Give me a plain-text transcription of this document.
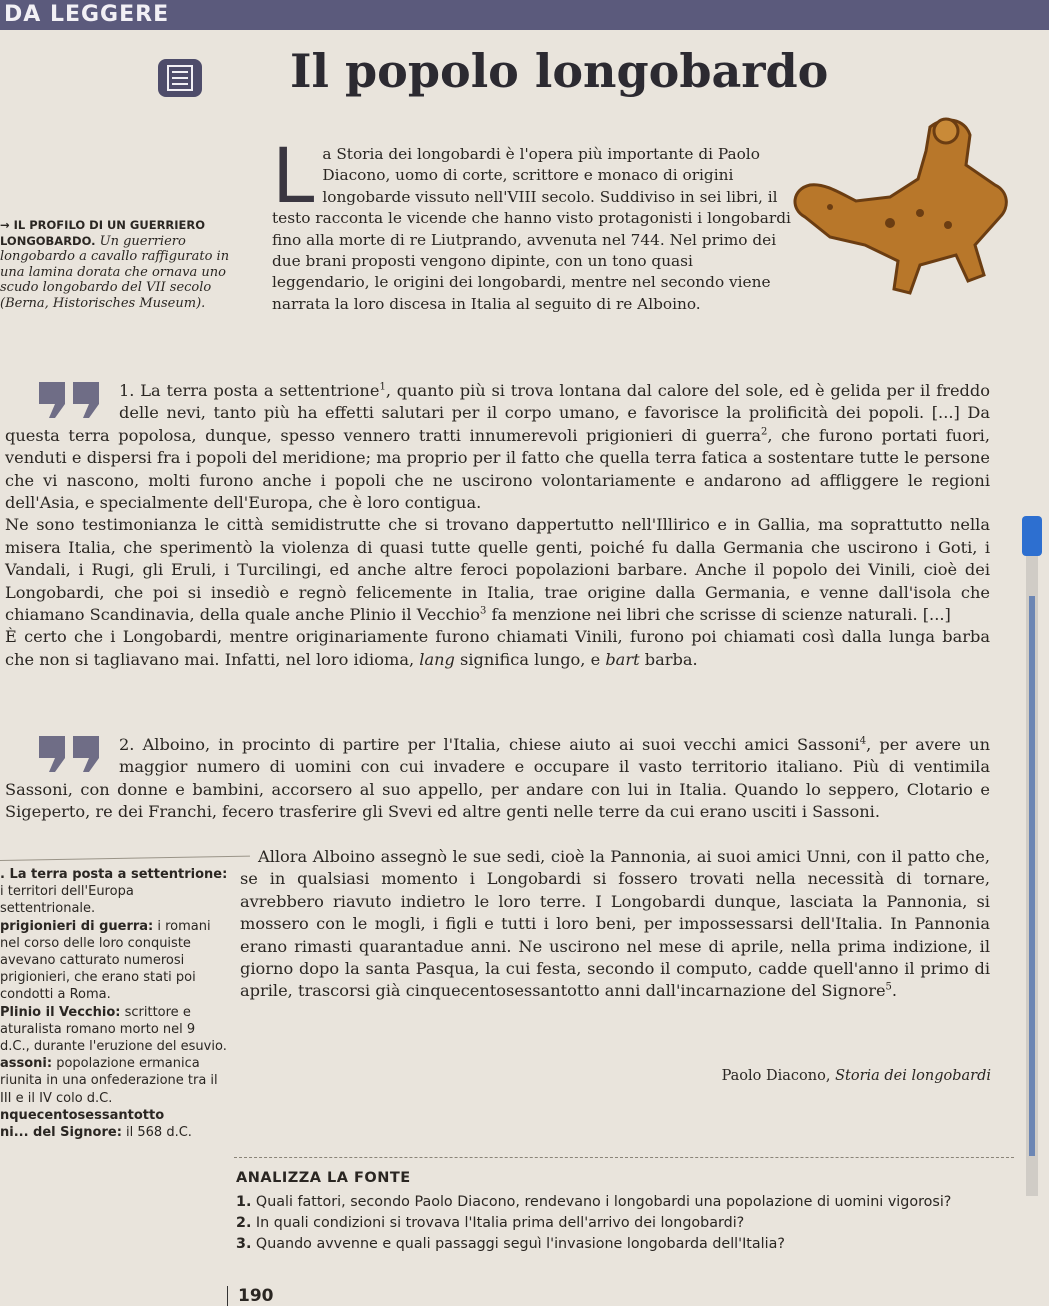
DA LEGGERE
Il popolo longobardo

La Storia dei longobardi è l'opera più importante di Paolo Diacono, uomo di corte, scrittore e monaco di origini longobarde vissuto nell'VIII secolo. Suddiviso in sei libri, il testo racconta le vicende che hanno visto protagonisti i longobardi fino alla morte di re Liutprando, avvenuta nel 744. Nel primo dei due brani proposti vengono dipinte, con un tono quasi leggendario, le origini dei longobardi, mentre nel secondo viene narrata la loro discesa in Italia al seguito di re Alboino.

→ IL PROFILO DI UN GUERRIERO LONGOBARDO. Un guerriero longobardo a cavallo raffigurato in una lamina dorata che ornava uno scudo longobardo del VII secolo (Berna, Historisches Museum).

1. La terra posta a settentrione$^1$, quanto più si trova lontana dal calore del sole, ed è gelida per il freddo delle nevi, tanto più ha effetti salutari per il corpo umano, e favorisce la prolificità dei popoli. [...] Da questa terra popolosa, dunque, spesso vennero tratti innumerevoli prigionieri di guerra$^2$, che furono portati fuori, venduti e dispersi fra i popoli del meridione; ma proprio per il fatto che quella terra fatica a sostentare tutte le persone che vi nascono, molti furono anche i popoli che ne uscirono volontariamente e andarono ad affliggere le regioni dell'Asia, e specialmente dell'Europa, che è loro contigua.

Ne sono testimonianza le città semidistrutte che si trovano dappertutto nell'Illirico e in Gallia, ma soprattutto nella misera Italia, che sperimentò la violenza di quasi tutte quelle genti, poiché fu dalla Germania che uscirono i Goti, i Vandali, i Rugi, gli Eruli, i Turcilingi, ed anche altre feroci popolazioni barbare. Anche il popolo dei Vinili, cioè dei Longobardi, che poi si insediò e regnò felicemente in Italia, trae origine dalla Germania, e venne dall'isola che chiamano Scandinavia, della quale anche Plinio il Vecchio$^3$ fa menzione nei libri che scrisse di scienze naturali. [...]

È certo che i Longobardi, mentre originariamente furono chiamati Vinili, furono poi chiamati così dalla lunga barba che non si tagliavano mai. Infatti, nel loro idioma, lang significa lungo, e bart barba.

2. Alboino, in procinto di partire per l'Italia, chiese aiuto ai suoi vecchi amici Sassoni$^4$, per avere un maggior numero di uomini con cui invadere e occupare il vasto territorio italiano. Più di ventimila Sassoni, con donne e bambini, accorsero al suo appello, per andare con lui in Italia. Quando lo seppero, Clotario e Sigeperto, re dei Franchi, fecero trasferire gli Svevi ed altre genti nelle terre da cui erano usciti i Sassoni.

Allora Alboino assegnò le sue sedi, cioè la Pannonia, ai suoi amici Unni, con il patto che, se in qualsiasi momento i Longobardi si fossero trovati nella necessità di tornare, avrebbero riavuto indietro le loro terre. I Longobardi dunque, lasciata la Pannonia, si mossero con le mogli, i figli e tutti i loro beni, per impossessarsi dell'Italia. In Pannonia erano rimasti quarantadue anni. Ne uscirono nel mese di aprile, nella prima indizione, il giorno dopo la santa Pasqua, la cui festa, secondo il computo, cadde quell'anno il primo di aprile, trascorsi già cinquecentosessantotto anni dall'incarnazione del Signore$^5$.

Paolo Diacono, Storia dei longobardi

. La terra posta a settentrione: i territori dell'Europa settentrionale.

prigionieri di guerra: i romani nel corso delle loro conquiste avevano catturato numerosi prigionieri, che erano stati poi condotti a Roma.

Plinio il Vecchio: scrittore e aturalista romano morto nel 9 d.C., durante l'eruzione del esuvio.

assoni: popolazione ermanica riunita in una onfederazione tra il III e il IV colo d.C.

nquecentosessantotto

ni... del Signore: il 568 d.C.

ANALIZZA LA FONTE
1. Quali fattori, secondo Paolo Diacono, rendevano i longobardi una popolazione di uomini vigorosi?
2. In quali condizioni si trovava l'Italia prima dell'arrivo dei longobardi?
3. Quando avvenne e quali passaggi seguì l'invasione longobarda dell'Italia?
190
